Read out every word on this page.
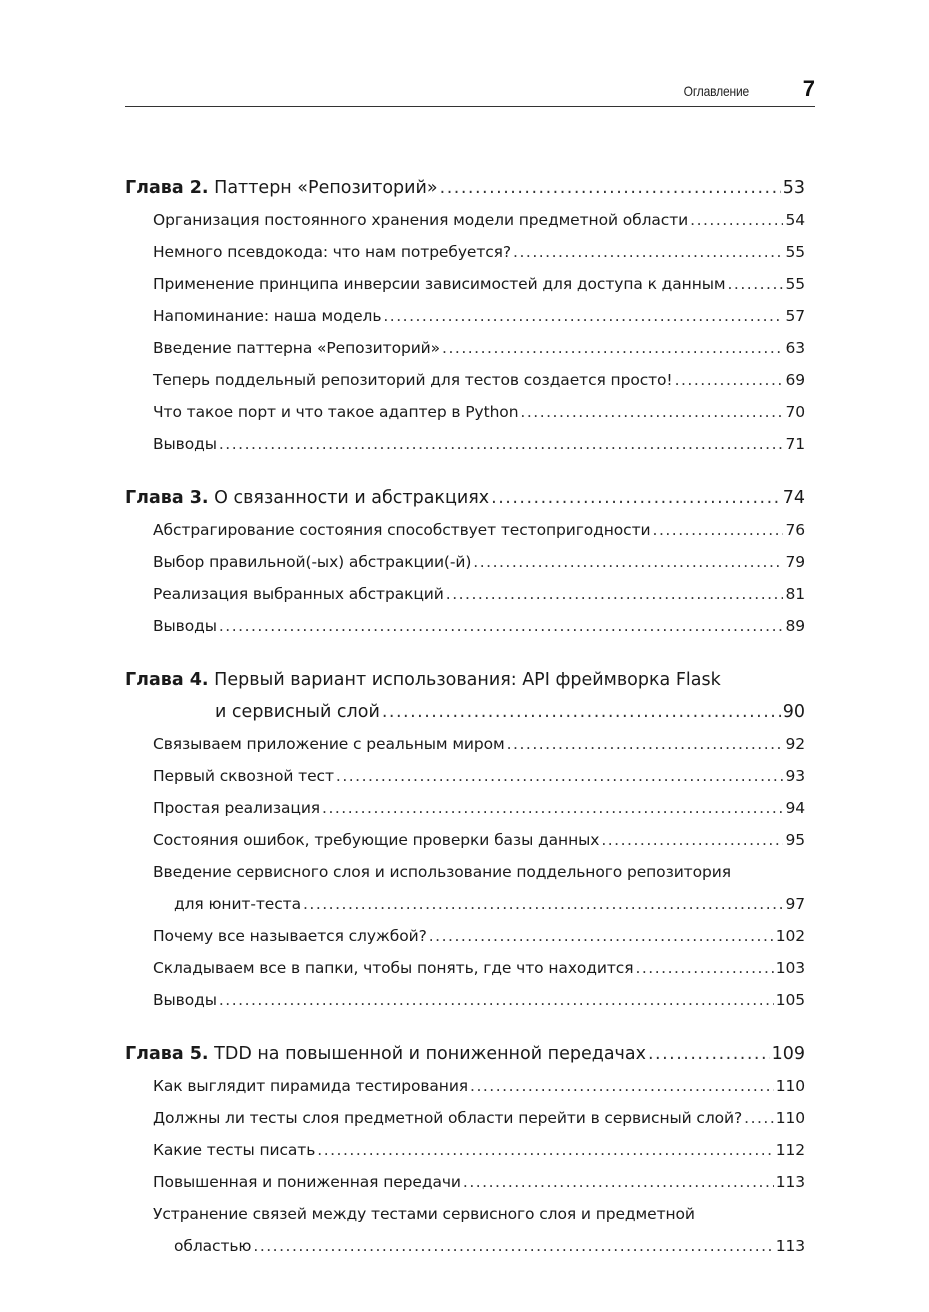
Оглавление 7
Глава 2.
Паттерн «Репозиторий» .....	53
Организация постоянного хранения модели предметной области .....	54
Немного псевдокода: что нам потребуется? .....	55
Применение принципа инверсии зависимостей для доступа к данным .....	55
Напоминание: наша модель .....	57
Введение паттерна «Репозиторий» .....	63
Теперь поддельный репозиторий для тестов создается просто! .....	69
Что такое порт и что такое адаптер в Python .....	70
Выводы .....	71
Глава 3.
О связанности и абстракциях .....	74
Абстрагирование состояния способствует тестопригодности .....	76
Выбор правильной(-ых) абстракции(-й) .....	79
Реализация выбранных абстракций .....	81
Выводы .....	89
Глава 4. Первый вариант использования: API фреймворка Flask
и сервисный слой .....	90
Связываем приложение с реальным миром .....	92
Первый сквозной тест .....	93
Простая реализация .....	94
Состояния ошибок, требующие проверки базы данных .....	95
Введение сервисного слоя и использование поддельного репозитория
для юнит-теста .....	97
Почему все называется службой? .....	102
Складываем все в папки, чтобы понять, где что находится .....	103
Выводы .....	105
Глава 5.
TDD на повышенной и пониженной передачах .....	109
Как выглядит пирамида тестирования .....	110
Должны ли тесты слоя предметной области перейти в сервисный слой? ..... 110
Какие тесты писать .....	112
Повышенная и пониженная передачи .....	113
Устранение связей между тестами сервисного слоя и предметной
областью .....	113
